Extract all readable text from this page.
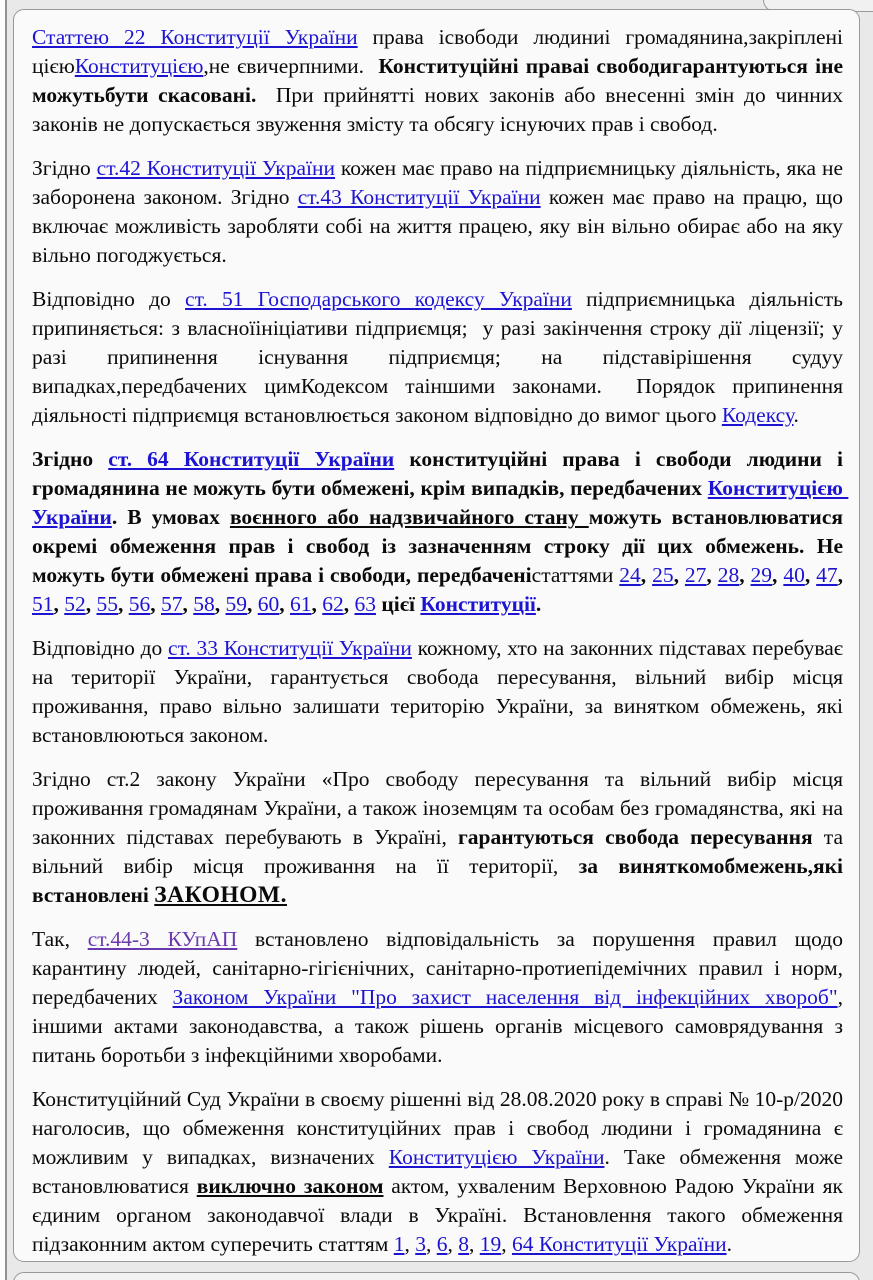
Статтею 22 Конституції України права ісвободи людиниі громадянина,закріплені цієюКонституцією,не євичерпними.  Конституційні праваі свободигарантуються іне можутьбути скасовані.  При прийнятті нових законів або внесенні змін до чинних законів не допускається звуження змісту та обсягу існуючих прав і свобод.

Згідно ст.42 Конституції України кожен має право на підприємницьку діяльність, яка не заборонена законом. Згідно ст.43 Конституції України кожен має право на працю, що включає можливість заробляти собі на життя працею, яку він вільно обирає або на яку вільно погоджується.

Відповідно до ст. 51 Господарського кодексу України підприємницька діяльність припиняється: з власноїініціативи підприємця;  у разі закінчення строку дії ліцензії; у разі припинення існування підприємця; на підставірішення судуу випадках,передбачених цимКодексом таіншими законами.  Порядок припинення діяльності підприємця встановлюється законом відповідно до вимог цього Кодексу.

Згідно ст. 64 Конституції України конституційні права і свободи людини і громадянина не можуть бути обмежені, крім випадків, передбачених Конституцією України. В умовах воєнного або надзвичайного стану можуть встановлюватися окремі обмеження прав і свобод із зазначенням строку дії цих обмежень. Не можуть бути обмежені права і свободи, передбаченістаттями 24, 25, 27, 28, 29, 40, 47, 51, 52, 55, 56, 57, 58, 59, 60, 61, 62, 63 цієї Конституції.

Відповідно до ст. 33 Конституції України кожному, хто на законних підставах перебуває на території України, гарантується свобода пересування, вільний вибір місця проживання, право вільно залишати територію України, за винятком обмежень, які встановлюються законом.

Згідно ст.2 закону України «Про свободу пересування та вільний вибір місця проживання громадянам України, а також іноземцям та особам без громадянства, які на законних підставах перебувають в Україні, гарантуються свобода пересування та вільний вибір місця проживання на її території, за виняткомобмежень,які встановлені ЗАКОНОМ.

Так, ст.44-3 КУпАП встановлено відповідальність за порушення правил щодо карантину людей, санітарно-гігієнічних, санітарно-протиепідемічних правил і норм, передбачених Законом України "Про захист населення від інфекційних хвороб", іншими актами законодавства, а також рішень органів місцевого самоврядування з питань боротьби з інфекційними хворобами.

Конституційний Суд України в своєму рішенні від 28.08.2020 року в справі № 10-р/2020 наголосив, що обмеження конституційних прав і свобод людини і громадянина є можливим у випадках, визначених Конституцією України. Таке обмеження може встановлюватися виключно законом актом, ухваленим Верховною Радою України як єдиним органом законодавчої влади в Україні. Встановлення такого обмеження підзаконним актом суперечить статтям 1, 3, 6, 8, 19, 64 Конституції України.
